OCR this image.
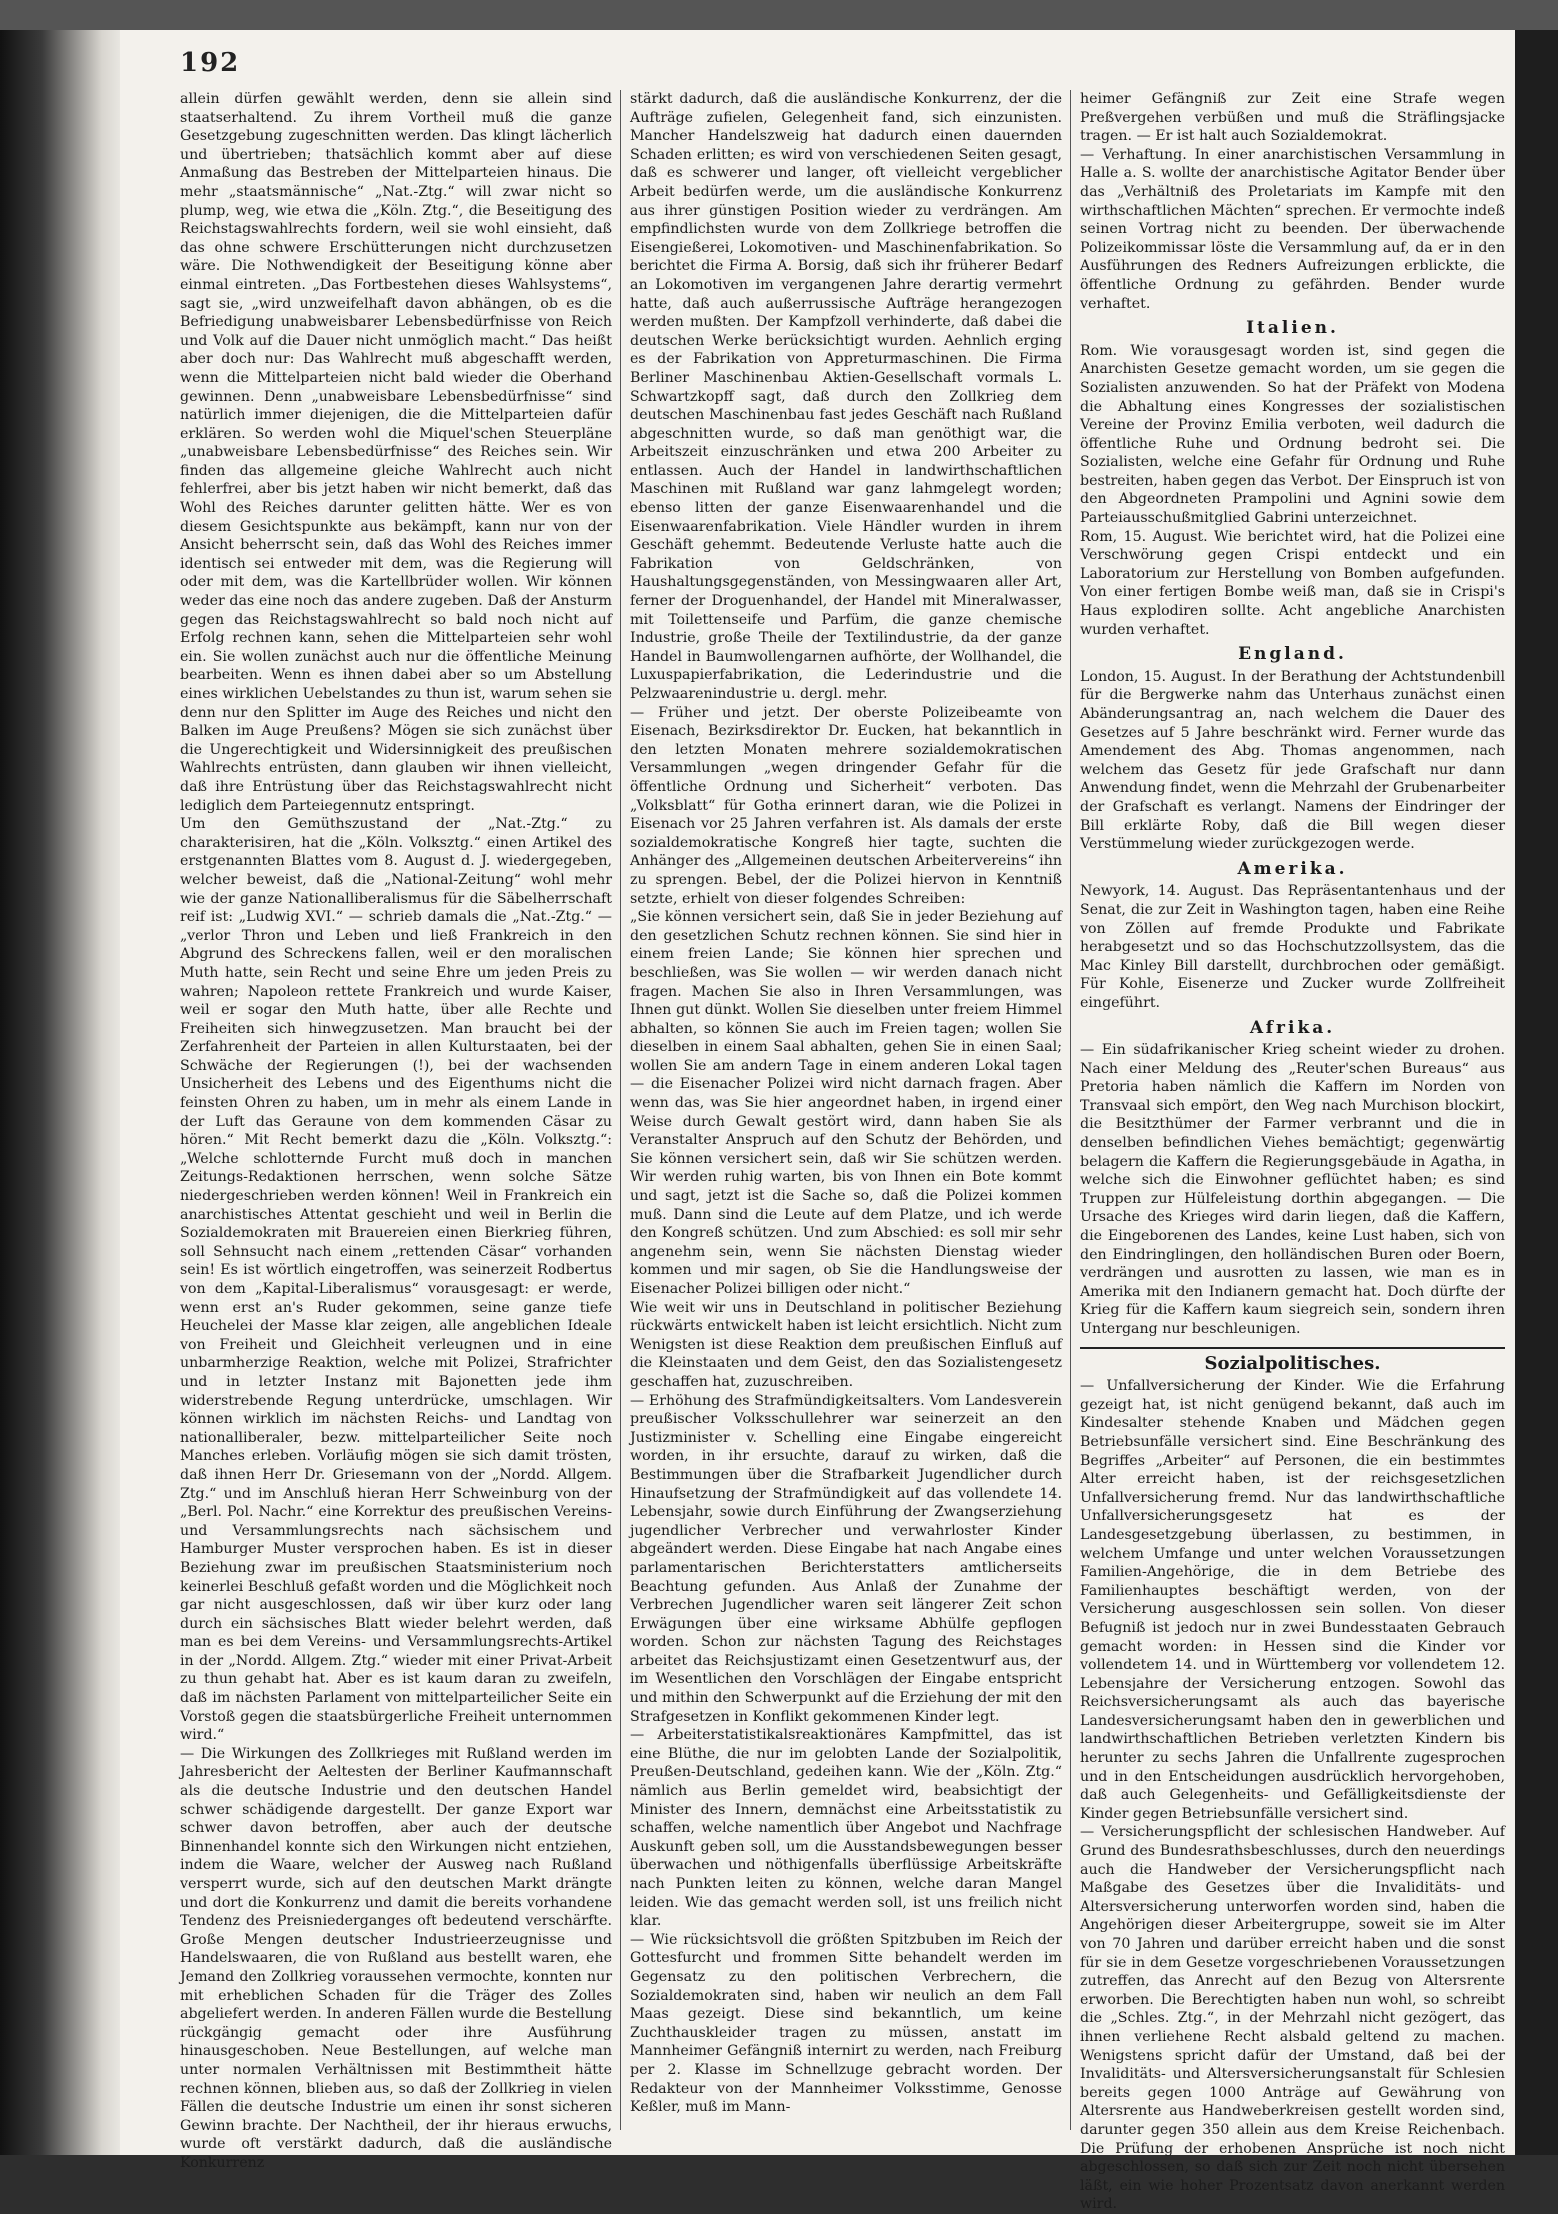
192

allein dürfen gewählt werden, denn sie allein sind staatserhaltend. Zu ihrem Vortheil muß die ganze Gesetzgebung zugeschnitten werden. Das klingt lächerlich und übertrieben; thatsächlich kommt aber auf diese Anmaßung das Bestreben der Mittelparteien hinaus. Die mehr „staatsmännische“ „Nat.-Ztg.“ will zwar nicht so plump, weg, wie etwa die „Köln. Ztg.“, die Beseitigung des Reichstagswahlrechts fordern, weil sie wohl einsieht, daß das ohne schwere Erschütterungen nicht durchzusetzen wäre. Die Nothwendigkeit der Beseitigung könne aber einmal eintreten. „Das Fortbestehen dieses Wahlsystems“, sagt sie, „wird unzweifelhaft davon abhängen, ob es die Befriedigung unabweisbarer Lebensbedürfnisse von Reich und Volk auf die Dauer nicht unmöglich macht.“ Das heißt aber doch nur: Das Wahlrecht muß abgeschafft werden, wenn die Mittelparteien nicht bald wieder die Oberhand gewinnen. Denn „unabweisbare Lebensbedürfnisse“ sind natürlich immer diejenigen, die die Mittelparteien dafür erklären. So werden wohl die Miquel'schen Steuerpläne „unabweisbare Lebensbedürfnisse“ des Reiches sein. Wir finden das allgemeine gleiche Wahlrecht auch nicht fehlerfrei, aber bis jetzt haben wir nicht bemerkt, daß das Wohl des Reiches darunter gelitten hätte. Wer es von diesem Gesichtspunkte aus bekämpft, kann nur von der Ansicht beherrscht sein, daß das Wohl des Reiches immer identisch sei entweder mit dem, was die Regierung will oder mit dem, was die Kartellbrüder wollen. Wir können weder das eine noch das andere zugeben. Daß der Ansturm gegen das Reichstagswahlrecht so bald noch nicht auf Erfolg rechnen kann, sehen die Mittelparteien sehr wohl ein. Sie wollen zunächst auch nur die öffentliche Meinung bearbeiten. Wenn es ihnen dabei aber so um Abstellung eines wirklichen Uebelstandes zu thun ist, warum sehen sie denn nur den Splitter im Auge des Reiches und nicht den Balken im Auge Preußens? Mögen sie sich zunächst über die Ungerechtigkeit und Widersinnigkeit des preußischen Wahlrechts entrüsten, dann glauben wir ihnen vielleicht, daß ihre Entrüstung über das Reichstagswahlrecht nicht lediglich dem Parteiegennutz entspringt.

Um den Gemüthszustand der „Nat.-Ztg.“ zu charakterisiren, hat die „Köln. Volksztg.“ einen Artikel des erstgenannten Blattes vom 8. August d. J. wiedergegeben, welcher beweist, daß die „National-Zeitung“ wohl mehr wie der ganze Nationalliberalismus für die Säbelherrschaft reif ist: „Ludwig XVI.“ — schrieb damals die „Nat.-Ztg.“ — „verlor Thron und Leben und ließ Frankreich in den Abgrund des Schreckens fallen, weil er den moralischen Muth hatte, sein Recht und seine Ehre um jeden Preis zu wahren; Napoleon rettete Frankreich und wurde Kaiser, weil er sogar den Muth hatte, über alle Rechte und Freiheiten sich hinwegzusetzen. Man braucht bei der Zerfahrenheit der Parteien in allen Kulturstaaten, bei der Schwäche der Regierungen (!), bei der wachsenden Unsicherheit des Lebens und des Eigenthums nicht die feinsten Ohren zu haben, um in mehr als einem Lande in der Luft das Geraune von dem kommenden Cäsar zu hören.“ Mit Recht bemerkt dazu die „Köln. Volksztg.“: „Welche schlotternde Furcht muß doch in manchen Zeitungs-Redaktionen herrschen, wenn solche Sätze niedergeschrieben werden können! Weil in Frankreich ein anarchistisches Attentat geschieht und weil in Berlin die Sozialdemokraten mit Brauereien einen Bierkrieg führen, soll Sehnsucht nach einem „rettenden Cäsar“ vorhanden sein! Es ist wörtlich eingetroffen, was seinerzeit Rodbertus von dem „Kapital-Liberalismus“ vorausgesagt: er werde, wenn erst an's Ruder gekommen, seine ganze tiefe Heuchelei der Masse klar zeigen, alle angeblichen Ideale von Freiheit und Gleichheit verleugnen und in eine unbarmherzige Reaktion, welche mit Polizei, Strafrichter und in letzter Instanz mit Bajonetten jede ihm widerstrebende Regung unterdrücke, umschlagen. Wir können wirklich im nächsten Reichs- und Landtag von nationalliberaler, bezw. mittelparteilicher Seite noch Manches erleben. Vorläufig mögen sie sich damit trösten, daß ihnen Herr Dr. Griesemann von der „Nordd. Allgem. Ztg.“ und im Anschluß hieran Herr Schweinburg von der „Berl. Pol. Nachr.“ eine Korrektur des preußischen Vereins- und Versammlungsrechts nach sächsischem und Hamburger Muster versprochen haben. Es ist in dieser Beziehung zwar im preußischen Staatsministerium noch keinerlei Beschluß gefaßt worden und die Möglichkeit noch gar nicht ausgeschlossen, daß wir über kurz oder lang durch ein sächsisches Blatt wieder belehrt werden, daß man es bei dem Vereins- und Versammlungsrechts-Artikel in der „Nordd. Allgem. Ztg.“ wieder mit einer Privat-Arbeit zu thun gehabt hat. Aber es ist kaum daran zu zweifeln, daß im nächsten Parlament von mittelparteilicher Seite ein Vorstoß gegen die staatsbürgerliche Freiheit unternommen wird.“

— Die Wirkungen des Zollkrieges mit Rußland werden im Jahresbericht der Aeltesten der Berliner Kaufmannschaft als die deutsche Industrie und den deutschen Handel schwer schädigende dargestellt. Der ganze Export war schwer davon betroffen, aber auch der deutsche Binnenhandel konnte sich den Wirkungen nicht entziehen, indem die Waare, welcher der Ausweg nach Rußland versperrt wurde, sich auf den deutschen Markt drängte und dort die Konkurrenz und damit die bereits vorhandene Tendenz des Preisniederganges oft bedeutend verschärfte. Große Mengen deutscher Industrieerzeugnisse und Handelswaaren, die von Rußland aus bestellt waren, ehe Jemand den Zollkrieg voraussehen vermochte, konnten nur mit erheblichen Schaden für die Träger des Zolles abgeliefert werden. In anderen Fällen wurde die Bestellung rückgängig gemacht oder ihre Ausführung hinausgeschoben. Neue Bestellungen, auf welche man unter normalen Verhältnissen mit Bestimmtheit hätte rechnen können, blieben aus, so daß der Zollkrieg in vielen Fällen die deutsche Industrie um einen ihr sonst sicheren Gewinn brachte. Der Nachtheil, der ihr hieraus erwuchs, wurde oft verstärkt dadurch, daß die ausländische Konkurrenz

stärkt dadurch, daß die ausländische Konkurrenz, der die Aufträge zufielen, Gelegenheit fand, sich einzunisten. Mancher Handelszweig hat dadurch einen dauernden Schaden erlitten; es wird von verschiedenen Seiten gesagt, daß es schwerer und langer, oft vielleicht vergeblicher Arbeit bedürfen werde, um die ausländische Konkurrenz aus ihrer günstigen Position wieder zu verdrängen. Am empfindlichsten wurde von dem Zollkriege betroffen die Eisengießerei, Lokomotiven- und Maschinenfabrikation. So berichtet die Firma A. Borsig, daß sich ihr früherer Bedarf an Lokomotiven im vergangenen Jahre derartig vermehrt hatte, daß auch außerrussische Aufträge herangezogen werden mußten. Der Kampfzoll verhinderte, daß dabei die deutschen Werke berücksichtigt wurden. Aehnlich erging es der Fabrikation von Appreturmaschinen. Die Firma Berliner Maschinenbau Aktien-Gesellschaft vormals L. Schwartzkopff sagt, daß durch den Zollkrieg dem deutschen Maschinenbau fast jedes Geschäft nach Rußland abgeschnitten wurde, so daß man genöthigt war, die Arbeitszeit einzuschränken und etwa 200 Arbeiter zu entlassen. Auch der Handel in landwirthschaftlichen Maschinen mit Rußland war ganz lahmgelegt worden; ebenso litten der ganze Eisenwaarenhandel und die Eisenwaarenfabrikation. Viele Händler wurden in ihrem Geschäft gehemmt. Bedeutende Verluste hatte auch die Fabrikation von Geldschränken, von Haushaltungsgegenständen, von Messingwaaren aller Art, ferner der Droguenhandel, der Handel mit Mineralwasser, mit Toilettenseife und Parfüm, die ganze chemische Industrie, große Theile der Textilindustrie, da der ganze Handel in Baumwollengarnen aufhörte, der Wollhandel, die Luxuspapierfabrikation, die Lederindustrie und die Pelzwaarenindustrie u. dergl. mehr.

— Früher und jetzt. Der oberste Polizeibeamte von Eisenach, Bezirksdirektor Dr. Eucken, hat bekanntlich in den letzten Monaten mehrere sozialdemokratischen Versammlungen „wegen dringender Gefahr für die öffentliche Ordnung und Sicherheit“ verboten. Das „Volksblatt“ für Gotha erinnert daran, wie die Polizei in Eisenach vor 25 Jahren verfahren ist. Als damals der erste sozialdemokratische Kongreß hier tagte, suchten die Anhänger des „Allgemeinen deutschen Arbeitervereins“ ihn zu sprengen. Bebel, der die Polizei hiervon in Kenntniß setzte, erhielt von dieser folgendes Schreiben:

„Sie können versichert sein, daß Sie in jeder Beziehung auf den gesetzlichen Schutz rechnen können. Sie sind hier in einem freien Lande; Sie können hier sprechen und beschließen, was Sie wollen — wir werden danach nicht fragen. Machen Sie also in Ihren Versammlungen, was Ihnen gut dünkt. Wollen Sie dieselben unter freiem Himmel abhalten, so können Sie auch im Freien tagen; wollen Sie dieselben in einem Saal abhalten, gehen Sie in einen Saal; wollen Sie am andern Tage in einem anderen Lokal tagen — die Eisenacher Polizei wird nicht darnach fragen. Aber wenn das, was Sie hier angeordnet haben, in irgend einer Weise durch Gewalt gestört wird, dann haben Sie als Veranstalter Anspruch auf den Schutz der Behörden, und Sie können versichert sein, daß wir Sie schützen werden. Wir werden ruhig warten, bis von Ihnen ein Bote kommt und sagt, jetzt ist die Sache so, daß die Polizei kommen muß. Dann sind die Leute auf dem Platze, und ich werde den Kongreß schützen. Und zum Abschied: es soll mir sehr angenehm sein, wenn Sie nächsten Dienstag wieder kommen und mir sagen, ob Sie die Handlungsweise der Eisenacher Polizei billigen oder nicht.“

Wie weit wir uns in Deutschland in politischer Beziehung rückwärts entwickelt haben ist leicht ersichtlich. Nicht zum Wenigsten ist diese Reaktion dem preußischen Einfluß auf die Kleinstaaten und dem Geist, den das Sozialistengesetz geschaffen hat, zuzuschreiben.

— Erhöhung des Strafmündigkeitsalters. Vom Landesverein preußischer Volksschullehrer war seinerzeit an den Justizminister v. Schelling eine Eingabe eingereicht worden, in ihr ersuchte, darauf zu wirken, daß die Bestimmungen über die Strafbarkeit Jugendlicher durch Hinaufsetzung der Strafmündigkeit auf das vollendete 14. Lebensjahr, sowie durch Einführung der Zwangserziehung jugendlicher Verbrecher und verwahrloster Kinder abgeändert werden. Diese Eingabe hat nach Angabe eines parlamentarischen Berichterstatters amtlicherseits Beachtung gefunden. Aus Anlaß der Zunahme der Verbrechen Jugendlicher waren seit längerer Zeit schon Erwägungen über eine wirksame Abhülfe gepflogen worden. Schon zur nächsten Tagung des Reichstages arbeitet das Reichsjustizamt einen Gesetzentwurf aus, der im Wesentlichen den Vorschlägen der Eingabe entspricht und mithin den Schwerpunkt auf die Erziehung der mit den Strafgesetzen in Konflikt gekommenen Kinder legt.

— Arbeiterstatistikalsreaktionäres Kampfmittel, das ist eine Blüthe, die nur im gelobten Lande der Sozialpolitik, Preußen-Deutschland, gedeihen kann. Wie der „Köln. Ztg.“ nämlich aus Berlin gemeldet wird, beabsichtigt der Minister des Innern, demnächst eine Arbeitsstatistik zu schaffen, welche namentlich über Angebot und Nachfrage Auskunft geben soll, um die Ausstandsbewegungen besser überwachen und nöthigenfalls überflüssige Arbeitskräfte nach Punkten leiten zu können, welche daran Mangel leiden. Wie das gemacht werden soll, ist uns freilich nicht klar.

— Wie rücksichtsvoll die größten Spitzbuben im Reich der Gottesfurcht und frommen Sitte behandelt werden im Gegensatz zu den politischen Verbrechern, die Sozialdemokraten sind, haben wir neulich an dem Fall Maas gezeigt. Diese sind bekanntlich, um keine Zuchthauskleider tragen zu müssen, anstatt im Mannheimer Gefängniß internirt zu werden, nach Freiburg per 2. Klasse im Schnellzuge gebracht worden. Der Redakteur von der Mannheimer Volksstimme, Genosse Keßler, muß im Mann-

heimer Gefängniß zur Zeit eine Strafe wegen Preßvergehen verbüßen und muß die Sträflingsjacke tragen. — Er ist halt auch Sozialdemokrat.

— Verhaftung. In einer anarchistischen Versammlung in Halle a. S. wollte der anarchistische Agitator Bender über das „Verhältniß des Proletariats im Kampfe mit den wirthschaftlichen Mächten“ sprechen. Er vermochte indeß seinen Vortrag nicht zu beenden. Der überwachende Polizeikommissar löste die Versammlung auf, da er in den Ausführungen des Redners Aufreizungen erblickte, die öffentliche Ordnung zu gefährden. Bender wurde verhaftet.

Italien.

Rom. Wie vorausgesagt worden ist, sind gegen die Anarchisten Gesetze gemacht worden, um sie gegen die Sozialisten anzuwenden. So hat der Präfekt von Modena die Abhaltung eines Kongresses der sozialistischen Vereine der Provinz Emilia verboten, weil dadurch die öffentliche Ruhe und Ordnung bedroht sei. Die Sozialisten, welche eine Gefahr für Ordnung und Ruhe bestreiten, haben gegen das Verbot. Der Einspruch ist von den Abgeordneten Prampolini und Agnini sowie dem Parteiausschußmitglied Gabrini unterzeichnet.

Rom, 15. August. Wie berichtet wird, hat die Polizei eine Verschwörung gegen Crispi entdeckt und ein Laboratorium zur Herstellung von Bomben aufgefunden. Von einer fertigen Bombe weiß man, daß sie in Crispi's Haus explodiren sollte. Acht angebliche Anarchisten wurden verhaftet.

England.

London, 15. August. In der Berathung der Achtstundenbill für die Bergwerke nahm das Unterhaus zunächst einen Abänderungsantrag an, nach welchem die Dauer des Gesetzes auf 5 Jahre beschränkt wird. Ferner wurde das Amendement des Abg. Thomas angenommen, nach welchem das Gesetz für jede Grafschaft nur dann Anwendung findet, wenn die Mehrzahl der Grubenarbeiter der Grafschaft es verlangt. Namens der Eindringer der Bill erklärte Roby, daß die Bill wegen dieser Verstümmelung wieder zurückgezogen werde.

Amerika.

Newyork, 14. August. Das Repräsentantenhaus und der Senat, die zur Zeit in Washington tagen, haben eine Reihe von Zöllen auf fremde Produkte und Fabrikate herabgesetzt und so das Hochschutzzollsystem, das die Mac Kinley Bill darstellt, durchbrochen oder gemäßigt. Für Kohle, Eisenerze und Zucker wurde Zollfreiheit eingeführt.

Afrika.

— Ein südafrikanischer Krieg scheint wieder zu drohen. Nach einer Meldung des „Reuter'schen Bureaus“ aus Pretoria haben nämlich die Kaffern im Norden von Transvaal sich empört, den Weg nach Murchison blockirt, die Besitzthümer der Farmer verbrannt und die in denselben befindlichen Viehes bemächtigt; gegenwärtig belagern die Kaffern die Regierungsgebäude in Agatha, in welche sich die Einwohner geflüchtet haben; es sind Truppen zur Hülfeleistung dorthin abgegangen. — Die Ursache des Krieges wird darin liegen, daß die Kaffern, die Eingeborenen des Landes, keine Lust haben, sich von den Eindringlingen, den holländischen Buren oder Boern, verdrängen und ausrotten zu lassen, wie man es in Amerika mit den Indianern gemacht hat. Doch dürfte der Krieg für die Kaffern kaum siegreich sein, sondern ihren Untergang nur beschleunigen.

Sozialpolitisches.

— Unfallversicherung der Kinder. Wie die Erfahrung gezeigt hat, ist nicht genügend bekannt, daß auch im Kindesalter stehende Knaben und Mädchen gegen Betriebsunfälle versichert sind. Eine Beschränkung des Begriffes „Arbeiter“ auf Personen, die ein bestimmtes Alter erreicht haben, ist der reichsgesetzlichen Unfallversicherung fremd. Nur das landwirthschaftliche Unfallversicherungsgesetz hat es der Landesgesetzgebung überlassen, zu bestimmen, in welchem Umfange und unter welchen Voraussetzungen Familien-Angehörige, die in dem Betriebe des Familienhauptes beschäftigt werden, von der Versicherung ausgeschlossen sein sollen. Von dieser Befugniß ist jedoch nur in zwei Bundesstaaten Gebrauch gemacht worden: in Hessen sind die Kinder vor vollendetem 14. und in Württemberg vor vollendetem 12. Lebensjahre der Versicherung entzogen. Sowohl das Reichsversicherungsamt als auch das bayerische Landesversicherungsamt haben den in gewerblichen und landwirthschaftlichen Betrieben verletzten Kindern bis herunter zu sechs Jahren die Unfallrente zugesprochen und in den Entscheidungen ausdrücklich hervorgehoben, daß auch Gelegenheits- und Gefälligkeitsdienste der Kinder gegen Betriebsunfälle versichert sind.

— Versicherungspflicht der schlesischen Handweber. Auf Grund des Bundesrathsbeschlusses, durch den neuerdings auch die Handweber der Versicherungspflicht nach Maßgabe des Gesetzes über die Invaliditäts- und Altersversicherung unterworfen worden sind, haben die Angehörigen dieser Arbeitergruppe, soweit sie im Alter von 70 Jahren und darüber erreicht haben und die sonst für sie in dem Gesetze vorgeschriebenen Voraussetzungen zutreffen, das Anrecht auf den Bezug von Altersrente erworben. Die Berechtigten haben nun wohl, so schreibt die „Schles. Ztg.“, in der Mehrzahl nicht gezögert, das ihnen verliehene Recht alsbald geltend zu machen. Wenigstens spricht dafür der Umstand, daß bei der Invaliditäts- und Altersversicherungsanstalt für Schlesien bereits gegen 1000 Anträge auf Gewährung von Altersrente aus Handweberkreisen gestellt worden sind, darunter gegen 350 allein aus dem Kreise Reichenbach. Die Prüfung der erhobenen Ansprüche ist noch nicht abgeschlossen, so daß sich zur Zeit noch nicht übersehen läßt, ein wie hoher Prozentsatz davon anerkannt werden wird.
